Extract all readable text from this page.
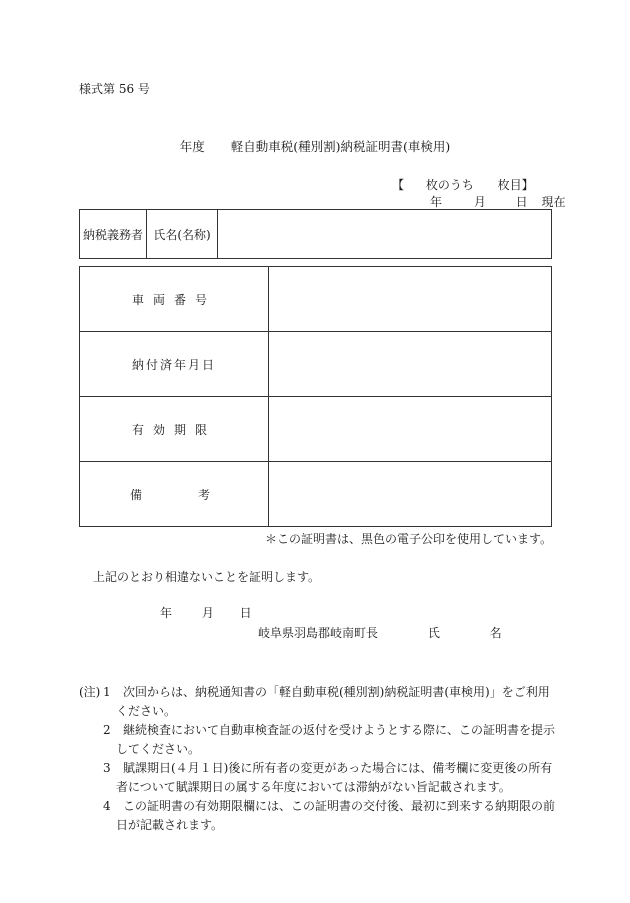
様式第 56 号
年度 軽自動車税(種別割)納税証明書(車検用)
【 枚のうち 枚目】
年	月 日 現在
納税義務者	氏名(名称)	
車両番号	
納付済年月日	
有効期限	
備考	
＊この証明書は、黒色の電子公印を使用しています。
上記のとおり相違ないことを証明します。
年 月 日
岐阜県羽島郡岐南町長	氏	名
(注) 1 次回からは、納税通知書の「軽自動車税(種別割)納税証明書(車検用)」をご利用
ください。
2 継続検査において自動車検査証の返付を受けようとする際に、この証明書を提示
してください。
3 賦課期日(４月１日)後に所有者の変更があった場合には、備考欄に変更後の所有
者について賦課期日の属する年度においては滞納がない旨記載されます。
4 この証明書の有効期限欄には、この証明書の交付後、最初に到来する納期限の前
日が記載されます。
